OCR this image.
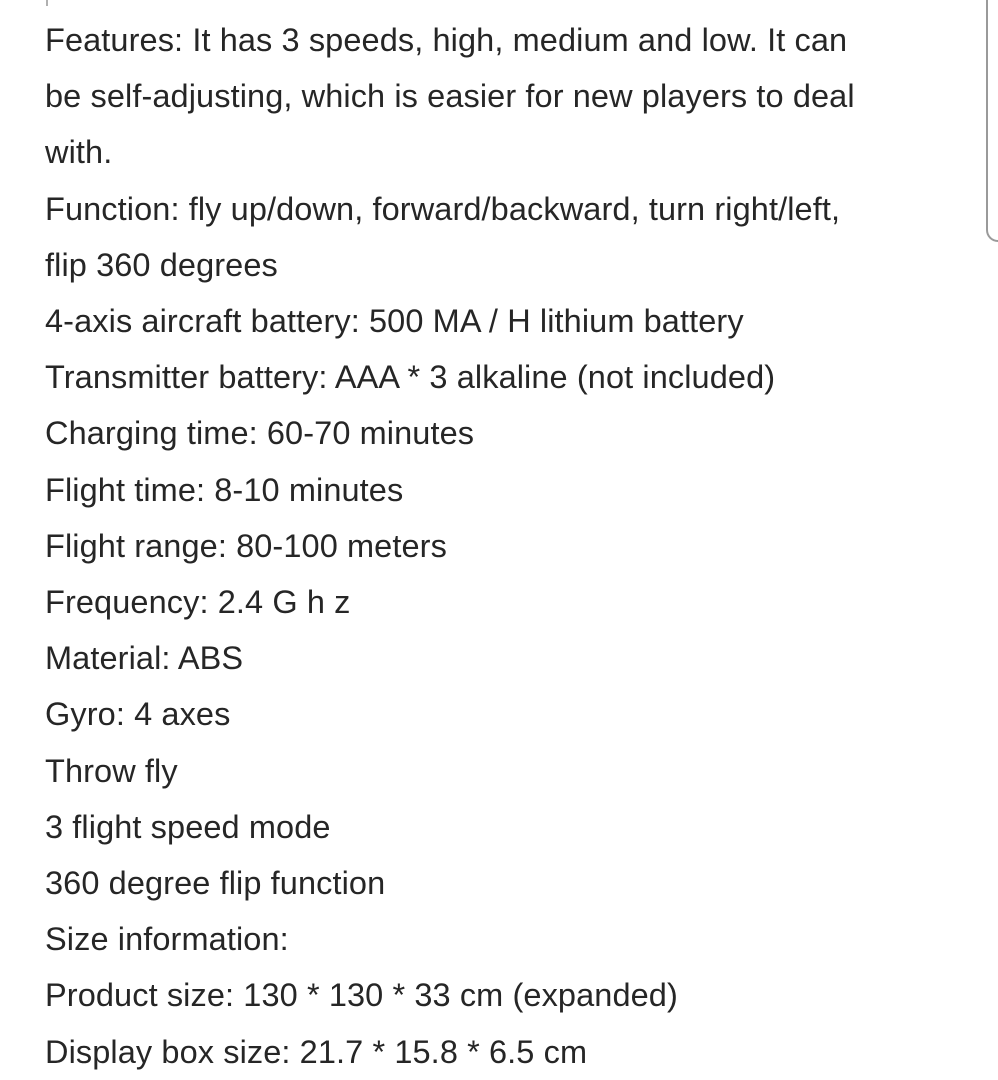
Features: It has 3 speeds, high, medium and low. It can
be self-adjusting, which is easier for new players to deal
with.
Function: fly up/down, forward/backward, turn right/left,
flip 360 degrees
4-axis aircraft battery: 500 MA / H lithium battery
Transmitter battery: AAA * 3 alkaline (not included)
Charging time: 60-70 minutes
Flight time: 8-10 minutes
Flight range: 80-100 meters
Frequency: 2.4 G h z
Material: ABS
Gyro: 4 axes
Throw fly
3 flight speed mode
360 degree flip function
Size information:
Product size: 130 * 130 * 33 cm (expanded)
Display box size: 21.7 * 15.8 * 6.5 cm
